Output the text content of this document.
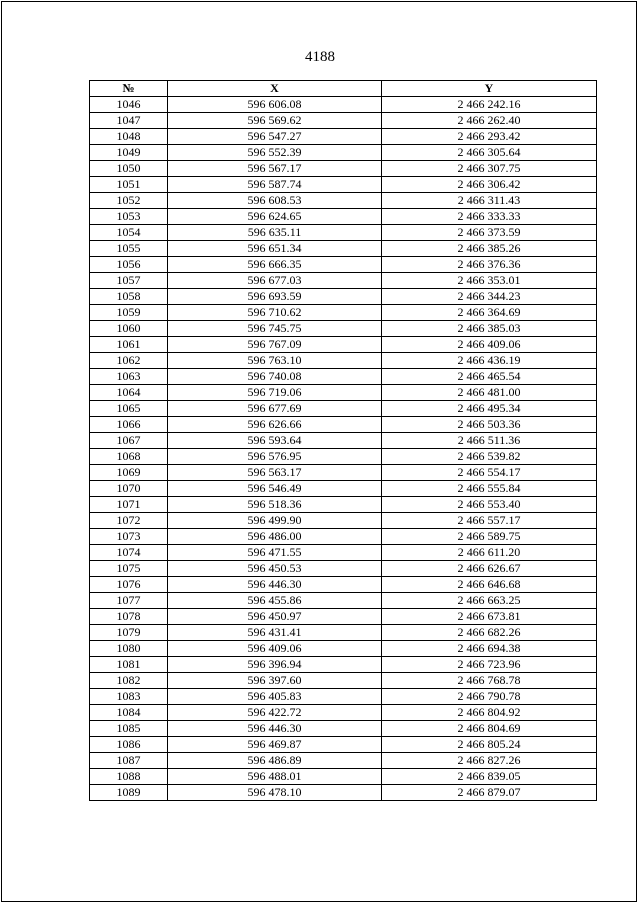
4188
№	X	Y
1046	596 606.08	2 466 242.16
1047	596 569.62	2 466 262.40
1048	596 547.27	2 466 293.42
1049	596 552.39	2 466 305.64
1050	596 567.17	2 466 307.75
1051	596 587.74	2 466 306.42
1052	596 608.53	2 466 311.43
1053	596 624.65	2 466 333.33
1054	596 635.11	2 466 373.59
1055	596 651.34	2 466 385.26
1056	596 666.35	2 466 376.36
1057	596 677.03	2 466 353.01
1058	596 693.59	2 466 344.23
1059	596 710.62	2 466 364.69
1060	596 745.75	2 466 385.03
1061	596 767.09	2 466 409.06
1062	596 763.10	2 466 436.19
1063	596 740.08	2 466 465.54
1064	596 719.06	2 466 481.00
1065	596 677.69	2 466 495.34
1066	596 626.66	2 466 503.36
1067	596 593.64	2 466 511.36
1068	596 576.95	2 466 539.82
1069	596 563.17	2 466 554.17
1070	596 546.49	2 466 555.84
1071	596 518.36	2 466 553.40
1072	596 499.90	2 466 557.17
1073	596 486.00	2 466 589.75
1074	596 471.55	2 466 611.20
1075	596 450.53	2 466 626.67
1076	596 446.30	2 466 646.68
1077	596 455.86	2 466 663.25
1078	596 450.97	2 466 673.81
1079	596 431.41	2 466 682.26
1080	596 409.06	2 466 694.38
1081	596 396.94	2 466 723.96
1082	596 397.60	2 466 768.78
1083	596 405.83	2 466 790.78
1084	596 422.72	2 466 804.92
1085	596 446.30	2 466 804.69
1086	596 469.87	2 466 805.24
1087	596 486.89	2 466 827.26
1088	596 488.01	2 466 839.05
1089	596 478.10	2 466 879.07
